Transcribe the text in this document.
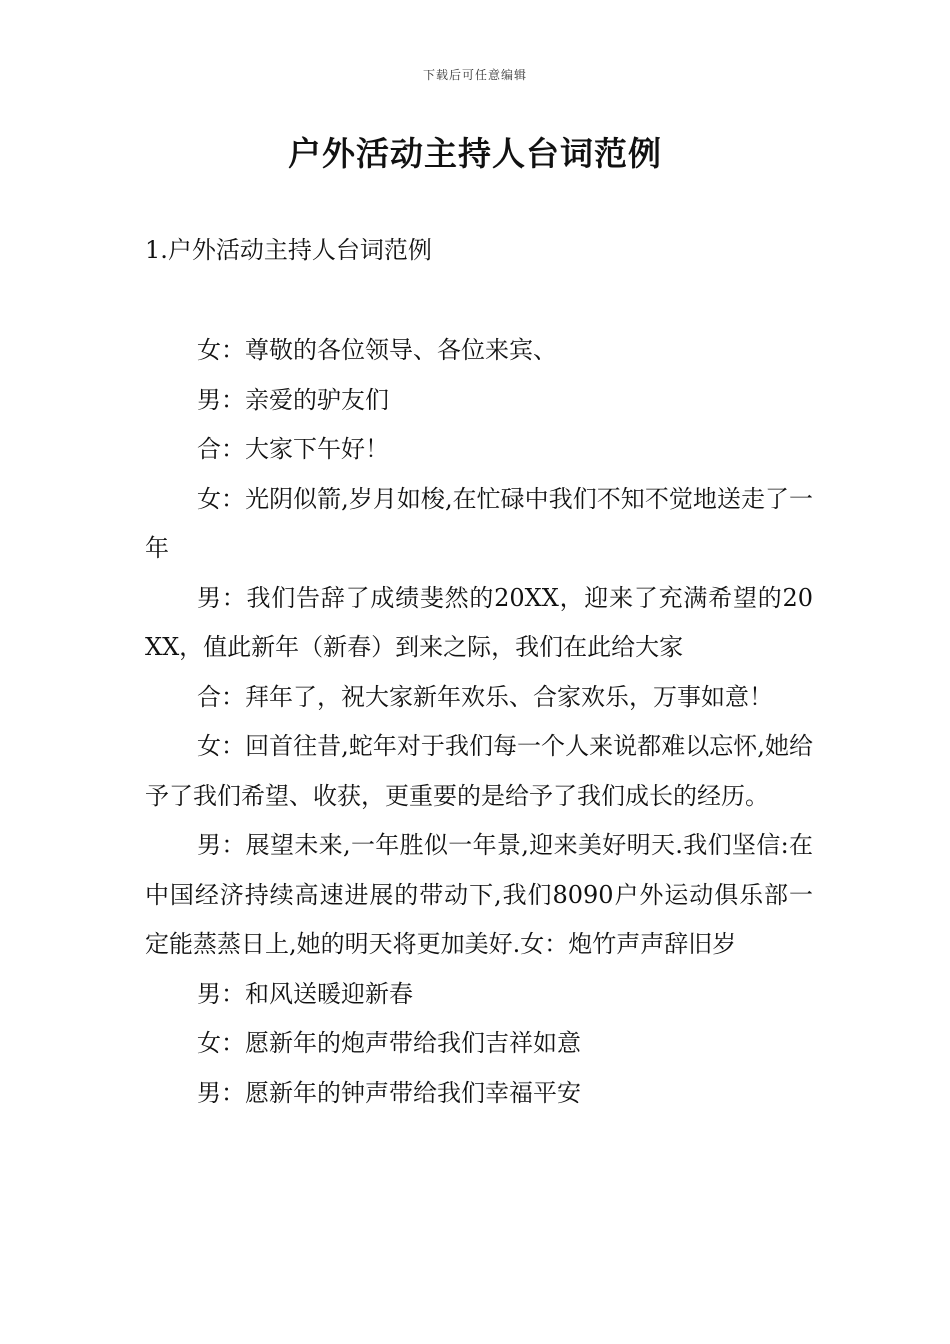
下载后可任意编辑
户外活动主持人台词范例
1.户外活动主持人台词范例

女：尊敬的各位领导、各位来宾、

男：亲爱的驴友们

合：大家下午好！

女：光阴似箭,岁月如梭,在忙碌中我们不知不觉地送走了一年

男：我们告辞了成绩斐然的20XX，迎来了充满希望的20XX，值此新年（新春）到来之际，我们在此给大家

合：拜年了，祝大家新年欢乐、合家欢乐，万事如意！

女：回首往昔,蛇年对于我们每一个人来说都难以忘怀,她给予了我们希望、收获，更重要的是给予了我们成长的经历。

男：展望未来,一年胜似一年景,迎来美好明天.我们坚信:在中国经济持续高速进展的带动下,我们8090户外运动俱乐部一定能蒸蒸日上,她的明天将更加美好.女：炮竹声声辞旧岁

男：和风送暖迎新春

女：愿新年的炮声带给我们吉祥如意

男：愿新年的钟声带给我们幸福平安
